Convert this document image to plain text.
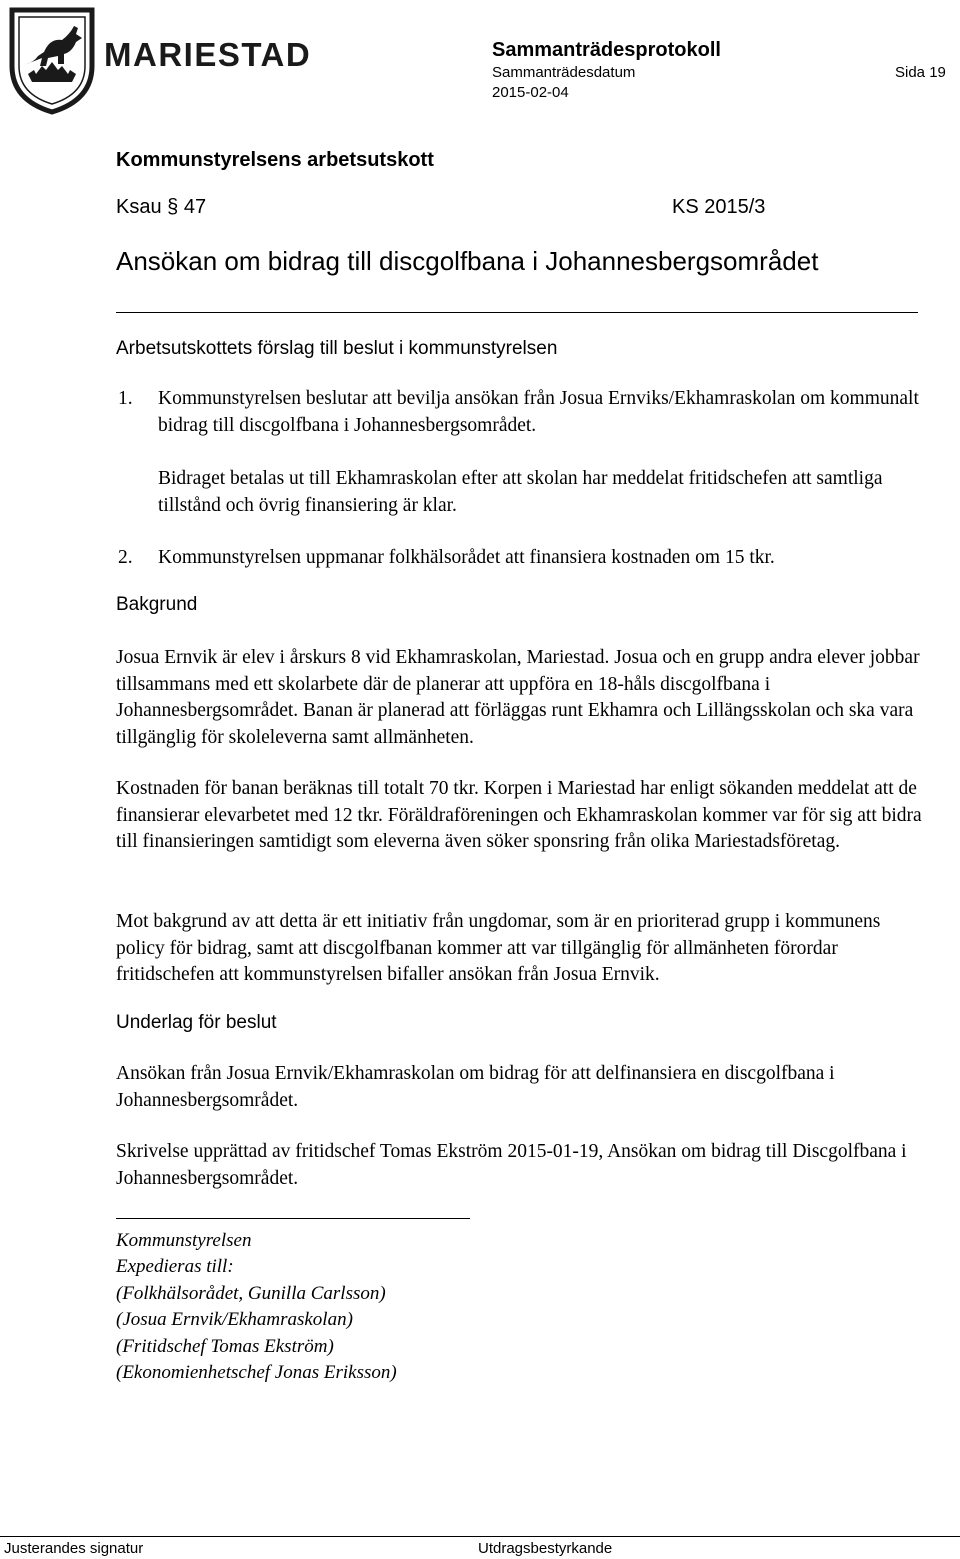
MARIESTAD	Sammanträdesprotokoll
Sammanträdesdatum
2015-02-04
Sida 19
Kommunstyrelsens arbetsutskott
Ksau § 47	KS 2015/3
Ansökan om bidrag till discgolfbana i Johannesbergsområdet
Arbetsutskottets förslag till beslut i kommunstyrelsen
1. Kommunstyrelsen beslutar att bevilja ansökan från Josua Ernviks/Ekhamraskolan om kommunalt bidrag till discgolfbana i Johannesbergsområdet.
Bidraget betalas ut till Ekhamraskolan efter att skolan har meddelat fritidschefen att samtliga tillstånd och övrig finansiering är klar.
2. Kommunstyrelsen uppmanar folkhälsorådet att finansiera kostnaden om 15 tkr.
Bakgrund
Josua Ernvik är elev i årskurs 8 vid Ekhamraskolan, Mariestad. Josua och en grupp andra elever jobbar tillsammans med ett skolarbete där de planerar att uppföra en 18-håls discgolfbana i Johannesbergsområdet. Banan är planerad att förläggas runt Ekhamra och Lillängsskolan och ska vara tillgänglig för skoleleverna samt allmänheten.
Kostnaden för banan beräknas till totalt 70 tkr. Korpen i Mariestad har enligt sökanden meddelat att de finansierar elevarbetet med 12 tkr. Föräldraföreningen och Ekhamraskolan kommer var för sig att bidra till finansieringen samtidigt som eleverna även söker sponsring från olika Mariestadsföretag.
Mot bakgrund av att detta är ett initiativ från ungdomar, som är en prioriterad grupp i kommunens policy för bidrag, samt att discgolfbanan kommer att var tillgänglig för allmänheten förordar fritidschefen att kommunstyrelsen bifaller ansökan från Josua Ernvik.
Underlag för beslut
Ansökan från Josua Ernvik/Ekhamraskolan om bidrag för att delfinansiera en discgolfbana i Johannesbergsområdet.
Skrivelse upprättad av fritidschef Tomas Ekström 2015-01-19, Ansökan om bidrag till Discgolfbana i Johannesbergsområdet.
Kommunstyrelsen
Expedieras till:
(Folkhälsorådet, Gunilla Carlsson)
(Josua Ernvik/Ekhamraskolan)
(Fritidschef Tomas Ekström)
(Ekonomienhetschef Jonas Eriksson)
Justerandes signatur	Utdragsbestyrkande
